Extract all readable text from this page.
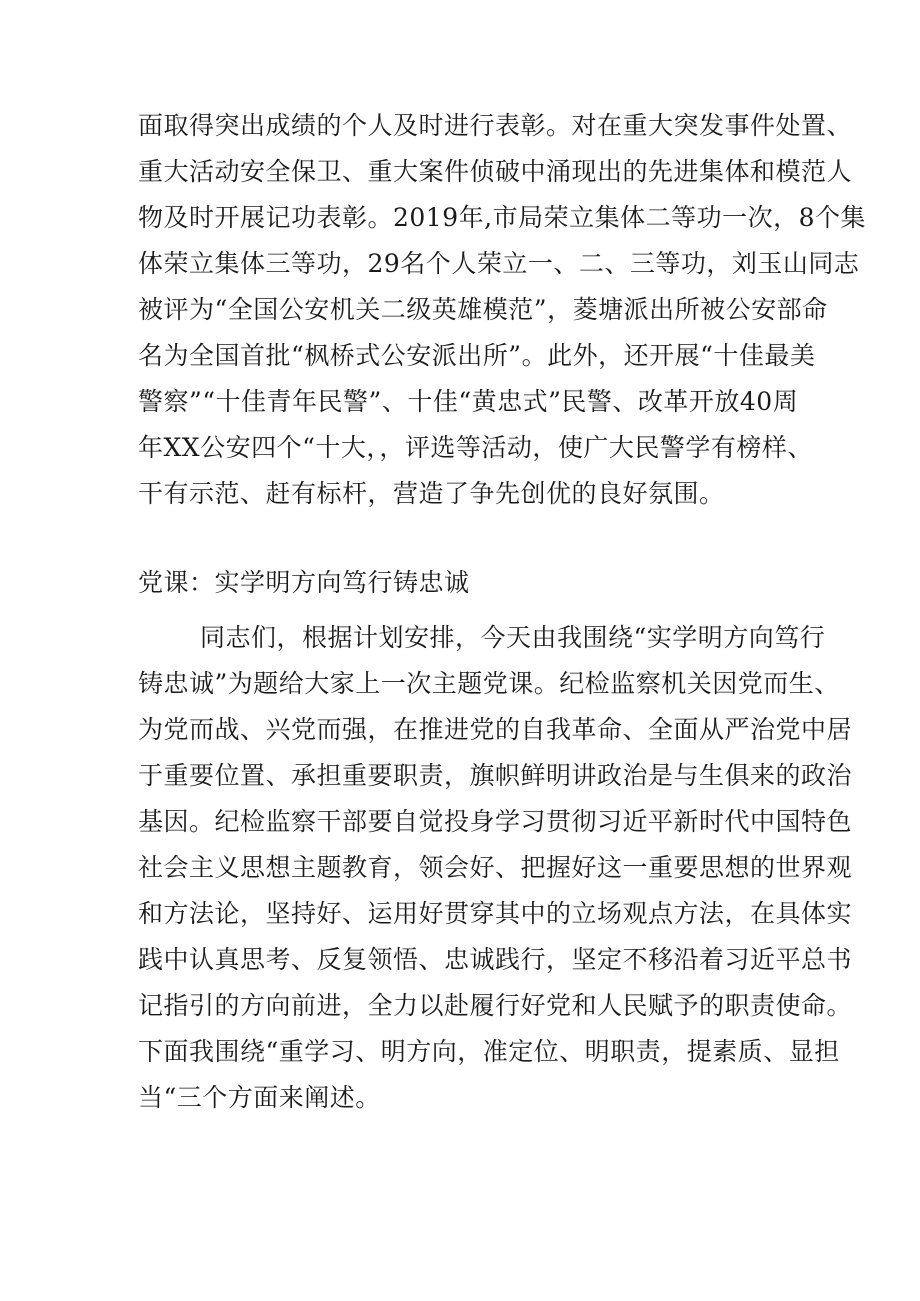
面取得突出成绩的个人及时进行表彰。对在重大突发事件处置、
重大活动安全保卫、重大案件侦破中涌现出的先进集体和模范人
物及时开展记功表彰。2019年,市局荣立集体二等功一次，8个集
体荣立集体三等功，29名个人荣立一、二、三等功，刘玉山同志
被评为“全国公安机关二级英雄模范”，菱塘派出所被公安部命
名为全国首批“枫桥式公安派出所”。此外，还开展“十佳最美
警察”“十佳青年民警”、十佳“黄忠式”民警、改革开放40周
年XX公安四个“十大，，评选等活动，使广大民警学有榜样、
干有示范、赶有标杆，营造了争先创优的良好氛围。
党课：实学明方向笃行铸忠诚
同志们，根据计划安排，今天由我围绕“实学明方向笃行
铸忠诚”为题给大家上一次主题党课。纪检监察机关因党而生、
为党而战、兴党而强，在推进党的自我革命、全面从严治党中居
于重要位置、承担重要职责，旗帜鲜明讲政治是与生俱来的政治
基因。纪检监察干部要自觉投身学习贯彻习近平新时代中国特色
社会主义思想主题教育，领会好、把握好这一重要思想的世界观
和方法论，坚持好、运用好贯穿其中的立场观点方法，在具体实
践中认真思考、反复领悟、忠诚践行，坚定不移沿着习近平总书
记指引的方向前进，全力以赴履行好党和人民赋予的职责使命。
下面我围绕“重学习、明方向，准定位、明职责，提素质、显担
当“三个方面来阐述。
